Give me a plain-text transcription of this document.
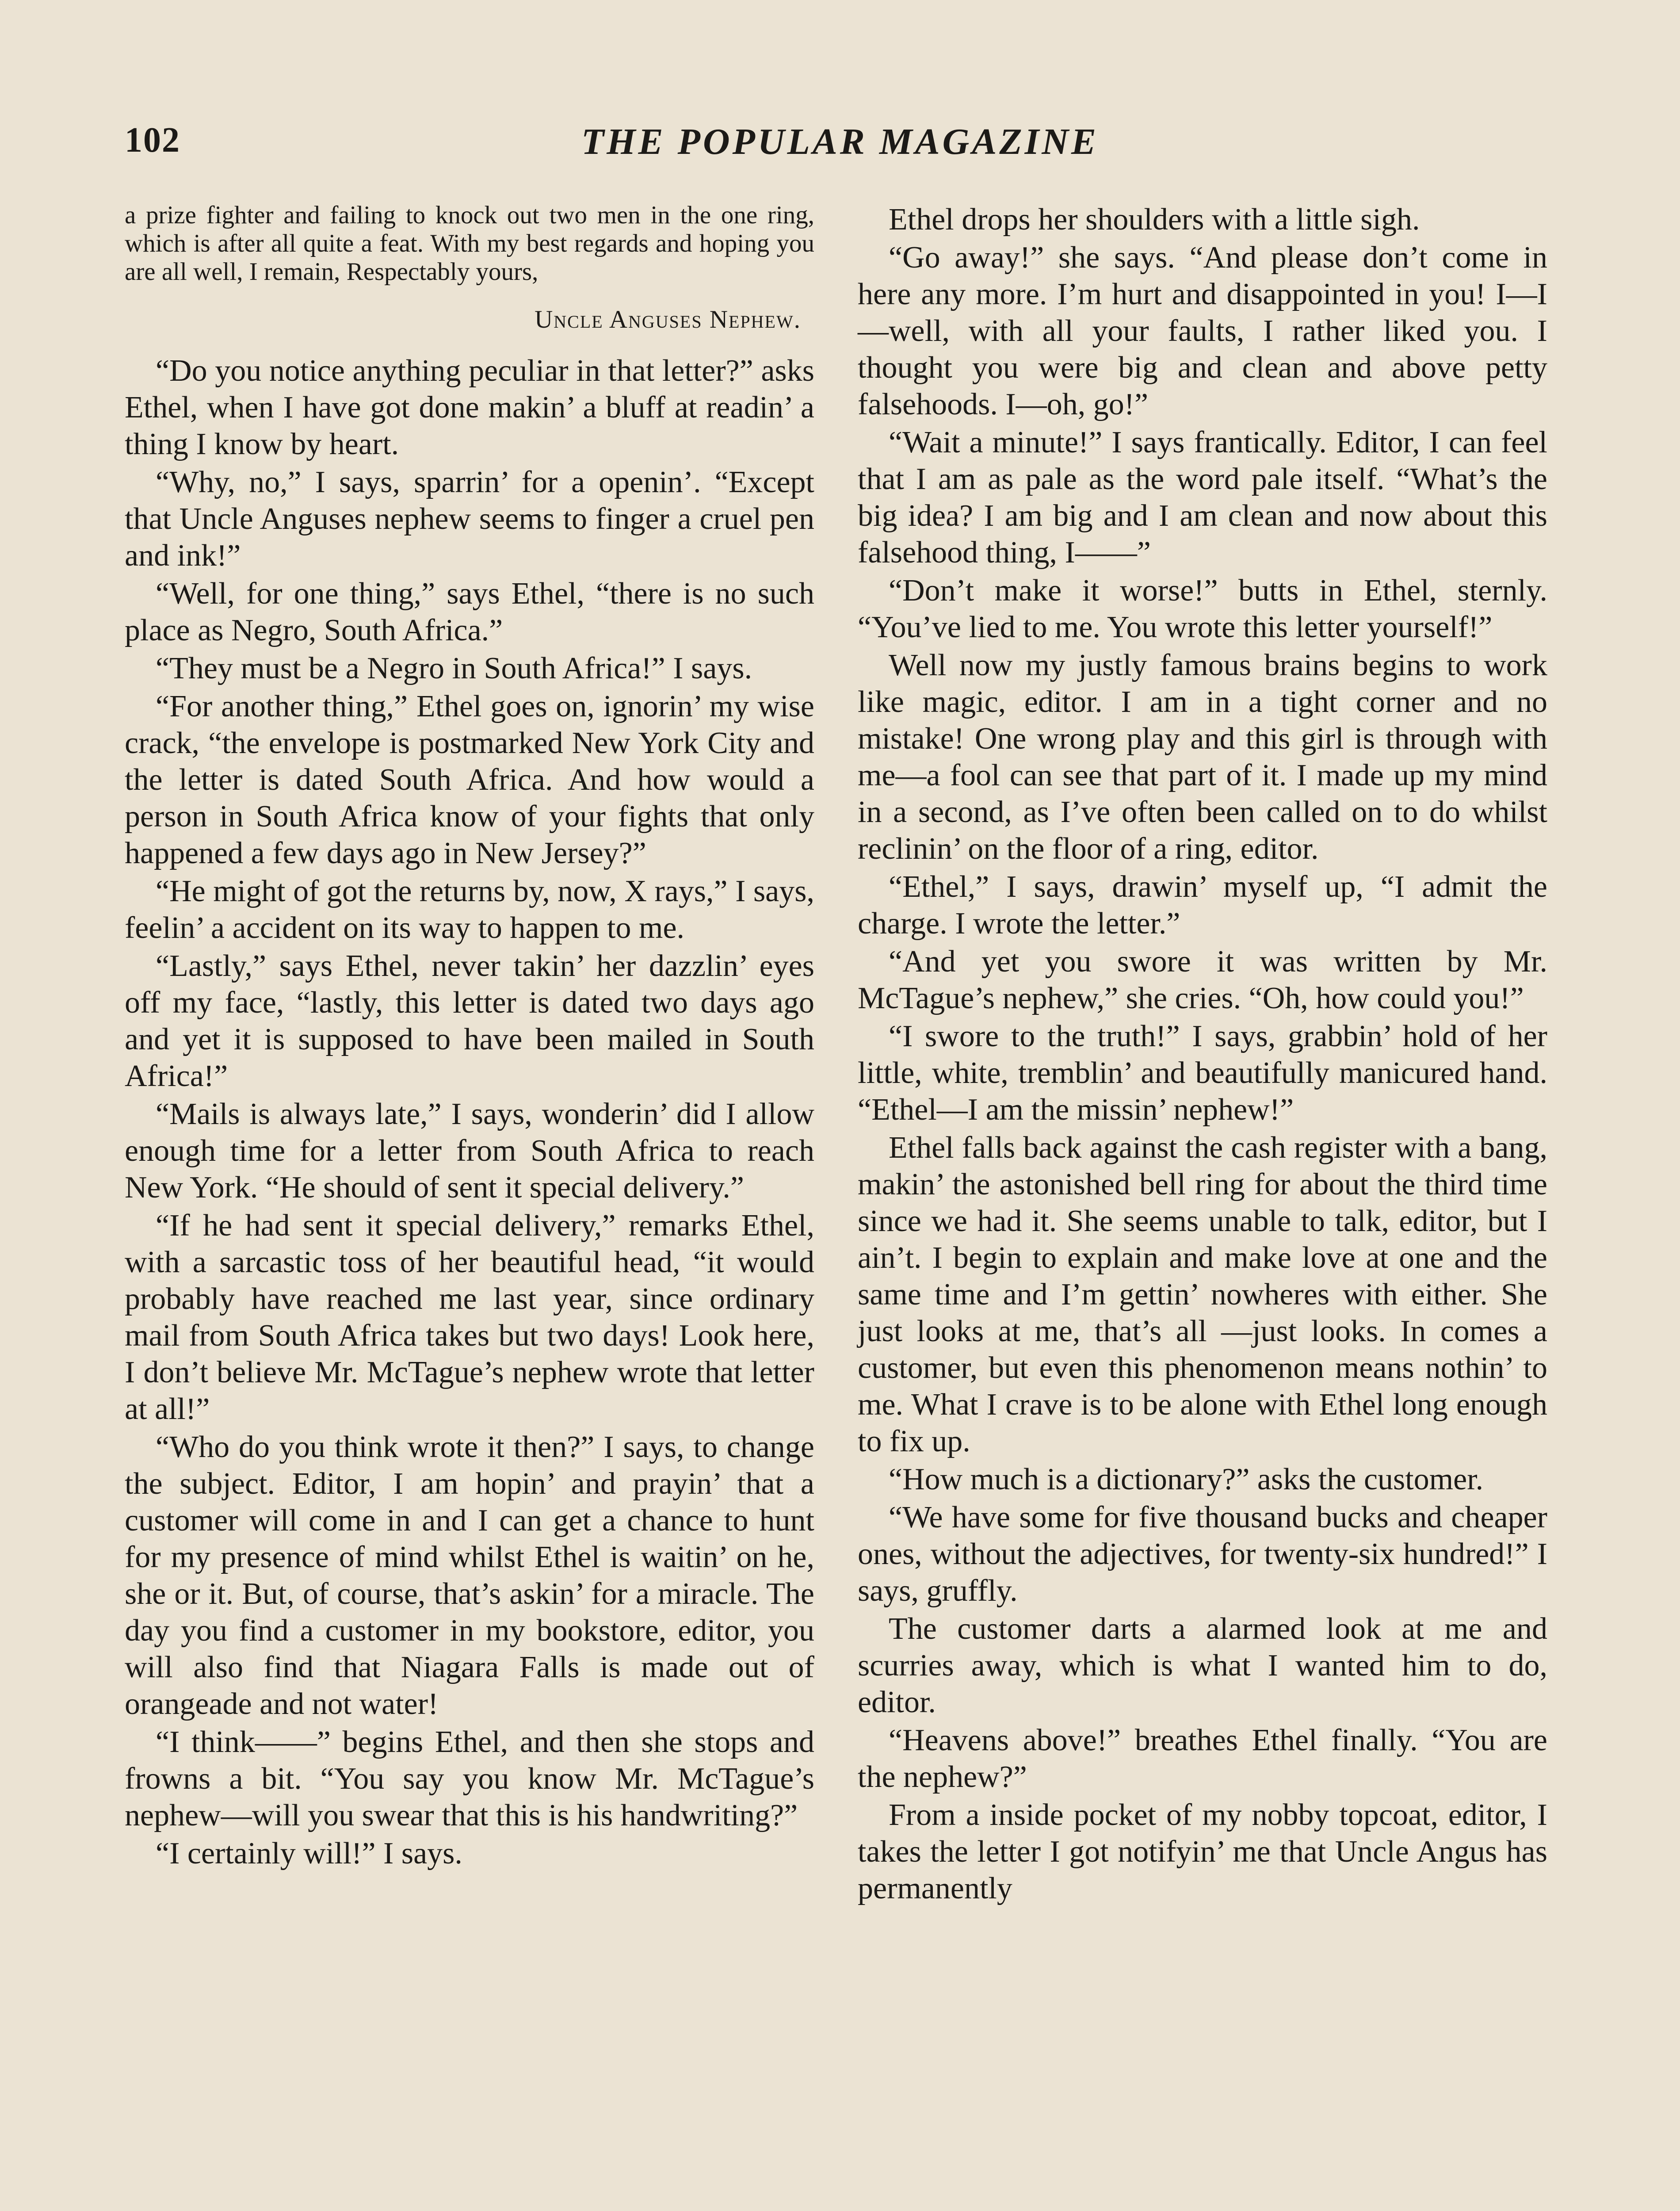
102	THE POPULAR MAGAZINE

a prize fighter and failing to knock out two men in the one ring, which is after all quite a feat. With my best regards and hoping you are all well, I remain, Respectably yours,

Uncle Anguses Nephew.

“Do you notice anything peculiar in that letter?” asks Ethel, when I have got done makin’ a bluff at readin’ a thing I know by heart.

“Why, no,” I says, sparrin’ for a openin’. “Except that Uncle Anguses nephew seems to finger a cruel pen and ink!”

“Well, for one thing,” says Ethel, “there is no such place as Negro, South Africa.”

“They must be a Negro in South Africa!” I says.

“For another thing,” Ethel goes on, ignorin’ my wise crack, “the envelope is postmarked New York City and the letter is dated South Africa. And how would a person in South Africa know of your fights that only happened a few days ago in New Jersey?”

“He might of got the returns by, now, X rays,” I says, feelin’ a accident on its way to happen to me.

“Lastly,” says Ethel, never takin’ her dazzlin’ eyes off my face, “lastly, this letter is dated two days ago and yet it is supposed to have been mailed in South Africa!”

“Mails is always late,” I says, wonderin’ did I allow enough time for a letter from South Africa to reach New York. “He should of sent it special delivery.”

“If he had sent it special delivery,” remarks Ethel, with a sarcastic toss of her beautiful head, “it would probably have reached me last year, since ordinary mail from South Africa takes but two days! Look here, I don’t believe Mr. McTague’s nephew wrote that letter at all!”

“Who do you think wrote it then?” I says, to change the subject. Editor, I am hopin’ and prayin’ that a customer will come in and I can get a chance to hunt for my presence of mind whilst Ethel is waitin’ on he, she or it. But, of course, that’s askin’ for a miracle. The day you find a customer in my bookstore, editor, you will also find that Niagara Falls is made out of orangeade and not water!

“I think——” begins Ethel, and then she stops and frowns a bit. “You say you know Mr. McTague’s nephew—will you swear that this is his handwriting?”

“I certainly will!” I says.

Ethel drops her shoulders with a little sigh.

“Go away!” she says. “And please don’t come in here any more. I’m hurt and disappointed in you! I—I—well, with all your faults, I rather liked you. I thought you were big and clean and above petty falsehoods. I—oh, go!”

“Wait a minute!” I says frantically. Editor, I can feel that I am as pale as the word pale itself. “What’s the big idea? I am big and I am clean and now about this falsehood thing, I——”

“Don’t make it worse!” butts in Ethel, sternly. “You’ve lied to me. You wrote this letter yourself!”

Well now my justly famous brains begins to work like magic, editor. I am in a tight corner and no mistake! One wrong play and this girl is through with me—a fool can see that part of it. I made up my mind in a second, as I’ve often been called on to do whilst reclinin’ on the floor of a ring, editor.

“Ethel,” I says, drawin’ myself up, “I admit the charge. I wrote the letter.”

“And yet you swore it was written by Mr. McTague’s nephew,” she cries. “Oh, how could you!”

“I swore to the truth!” I says, grabbin’ hold of her little, white, tremblin’ and beautifully manicured hand. “Ethel—I am the missin’ nephew!”

Ethel falls back against the cash register with a bang, makin’ the astonished bell ring for about the third time since we had it. She seems unable to talk, editor, but I ain’t. I begin to explain and make love at one and the same time and I’m gettin’ nowheres with either. She just looks at me, that’s all —just looks. In comes a customer, but even this phenomenon means nothin’ to me. What I crave is to be alone with Ethel long enough to fix up.

“How much is a dictionary?” asks the customer.

“We have some for five thousand bucks and cheaper ones, without the adjectives, for twenty-six hundred!” I says, gruffly.

The customer darts a alarmed look at me and scurries away, which is what I wanted him to do, editor.

“Heavens above!” breathes Ethel finally. “You are the nephew?”

From a inside pocket of my nobby topcoat, editor, I takes the letter I got notifyin’ me that Uncle Angus has permanently
